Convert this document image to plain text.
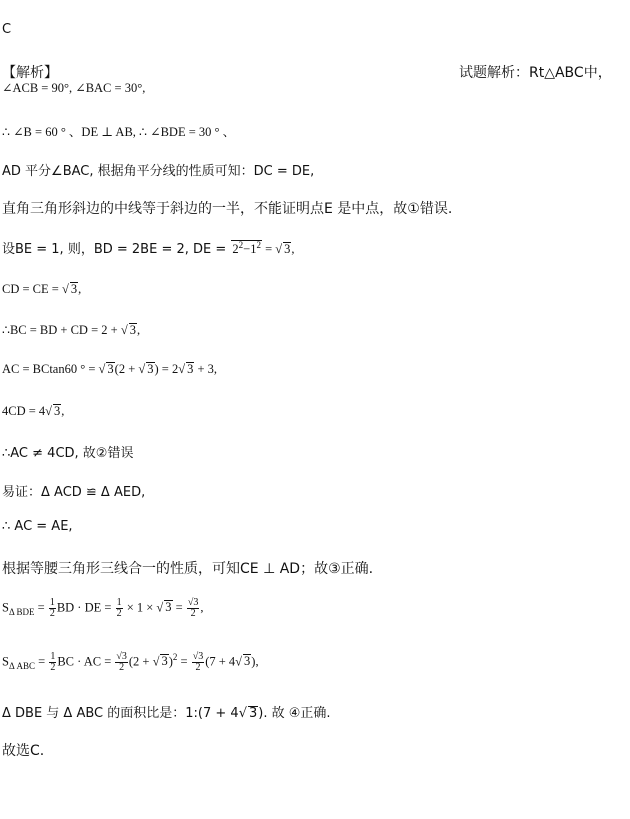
C
【解析】	试题解析：Rt△ABC中，
∠ACB = 90°, ∠BAC = 30°,
∴ ∠B = 60 ° 、DE ⊥ AB, ∴ ∠BDE = 30 ° 、
AD 平分∠BAC, 根据角平分线的性质可知：DC = DE,
直角三角形斜边的中线等于斜边的一半，不能证明点E 是中点，故①错误.
设BE = 1, 则，BD = 2BE = 2, DE = $2^2-1^2$ = √ 3,
CD = CE = √ 3,
∴BC = BD + CD = 2 + √ 3,
AC = BCtan60 ° = √ 3(2 + √ 3) = 2√ 3 + 3,
4CD = 4√ 3,
∴AC ≠ 4CD, 故②错误
易证：Δ ACD ≌ Δ AED,
∴ AC = AE,
根据等腰三角形三线合一的性质，可知CE ⊥ AD；故③正确.
$S_{\Delta BDE} = \frac{1}{2}$ BD · DE = $\frac{1}{2} \times 1$ × √ $3 = \frac{√3}{2}$ ,
$S_{\Delta ABC} = \frac{1}{2}$ BC · AC = $\frac{√3}{2} (2$ + √ $3)^2 = \frac{√3}{2} (7 + 4√$ 3),
Δ DBE 与 Δ ABC 的面积比是：1:(7 + 4√ 3). 故 ④正确.
故选C.
